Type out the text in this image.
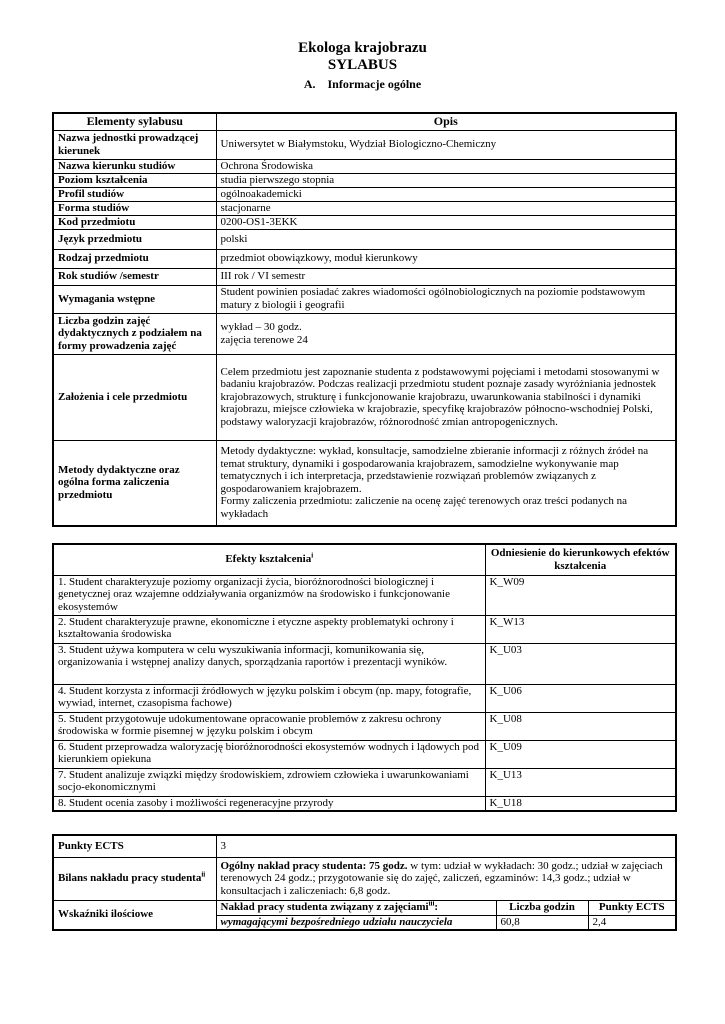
Ekologa krajobrazu
SYLABUS
A. Informacje ogólne
Elementy sylabusu	Opis
Nazwa jednostki prowadzącej kierunek	Uniwersytet w Białymstoku, Wydział Biologiczno-Chemiczny
Nazwa kierunku studiów	Ochrona Środowiska
Poziom kształcenia	studia pierwszego stopnia
Profil studiów	ogólnoakademicki
Forma studiów	stacjonarne
Kod przedmiotu	0200-OS1-3EKK
Język przedmiotu	polski
Rodzaj przedmiotu	przedmiot obowiązkowy, moduł kierunkowy
Rok studiów /semestr	III rok / VI semestr
Wymagania wstępne	Student powinien posiadać zakres wiadomości ogólnobiologicznych na poziomie podstawowym matury z biologii i geografii
Liczba godzin zajęć dydaktycznych z podziałem na formy prowadzenia zajęć	wykład – 30 godz.
zajęcia terenowe 24

Założenia i cele przedmiotu	Celem przedmiotu jest zapoznanie studenta z podstawowymi pojęciami i metodami stosowanymi w badaniu krajobrazów. Podczas realizacji przedmiotu student poznaje zasady wyróżniania jednostek krajobrazowych, strukturę i funkcjonowanie krajobrazu, uwarunkowania stabilności i dynamiki krajobrazu, miejsce człowieka w krajobrazie, specyfikę krajobrazów północno-wschodniej Polski, podstawy waloryzacji krajobrazów, różnorodność zmian antropogenicznych.
Metody dydaktyczne oraz ogólna forma zaliczenia przedmiotu	Metody dydaktyczne: wykład, konsultacje, samodzielne zbieranie informacji z różnych źródeł na temat struktury, dynamiki i gospodarowania krajobrazem, samodzielne wykonywanie map tematycznych i ich interpretacja, przedstawienie rozwiązań problemów związanych z gospodarowaniem krajobrazem.
Formy zaliczenia przedmiotu: zaliczenie na ocenę zajęć terenowych oraz treści podanych na wykładach
Efekty kształcenia$^i$	Odniesienie do kierunkowych efektów kształcenia
1. Student charakteryzuje poziomy organizacji życia, bioróżnorodności biologicznej i genetycznej oraz wzajemne oddziaływania organizmów na środowisko i funkcjonowanie ekosystemów	K_W09
2. Student charakteryzuje prawne, ekonomiczne i etyczne aspekty problematyki ochrony i kształtowania środowiska	K_W13
3. Student używa komputera w celu wyszukiwania informacji, komunikowania się, organizowania i wstępnej analizy danych, sporządzania raportów i prezentacji wyników.	K_U03
4. Student korzysta z informacji źródłowych w języku polskim i obcym (np. mapy, fotografie, wywiad, internet, czasopisma fachowe)	K_U06
5. Student przygotowuje udokumentowane opracowanie problemów z zakresu ochrony środowiska w formie pisemnej w języku polskim i obcym	K_U08
6. Student przeprowadza waloryzację bioróżnorodności ekosystemów wodnych i lądowych pod kierunkiem opiekuna	K_U09
7. Student analizuje związki między środowiskiem, zdrowiem człowieka i uwarunkowaniami socjo-ekonomicznymi	K_U13
8. Student ocenia zasoby i możliwości regeneracyjne przyrody	K_U18
Punkty ECTS	3		
Bilans nakładu pracy studenta$^{ii}$	Ogólny nakład pracy studenta: 75 godz. w tym: udział w wykładach: 30 godz.; udział w zajęciach terenowych 24 godz.; przygotowanie się do zajęć, zaliczeń, egzaminów: 14,3 godz.; udział w konsultacjach i zaliczeniach: 6,8 godz.		
Wskaźniki ilościowe	Nakład pracy studenta związany z zajęciami$^{iii}$:	Liczba godzin	Punkty ECTS
	wymagającymi bezpośredniego udziału nauczyciela	60,8	2,4
